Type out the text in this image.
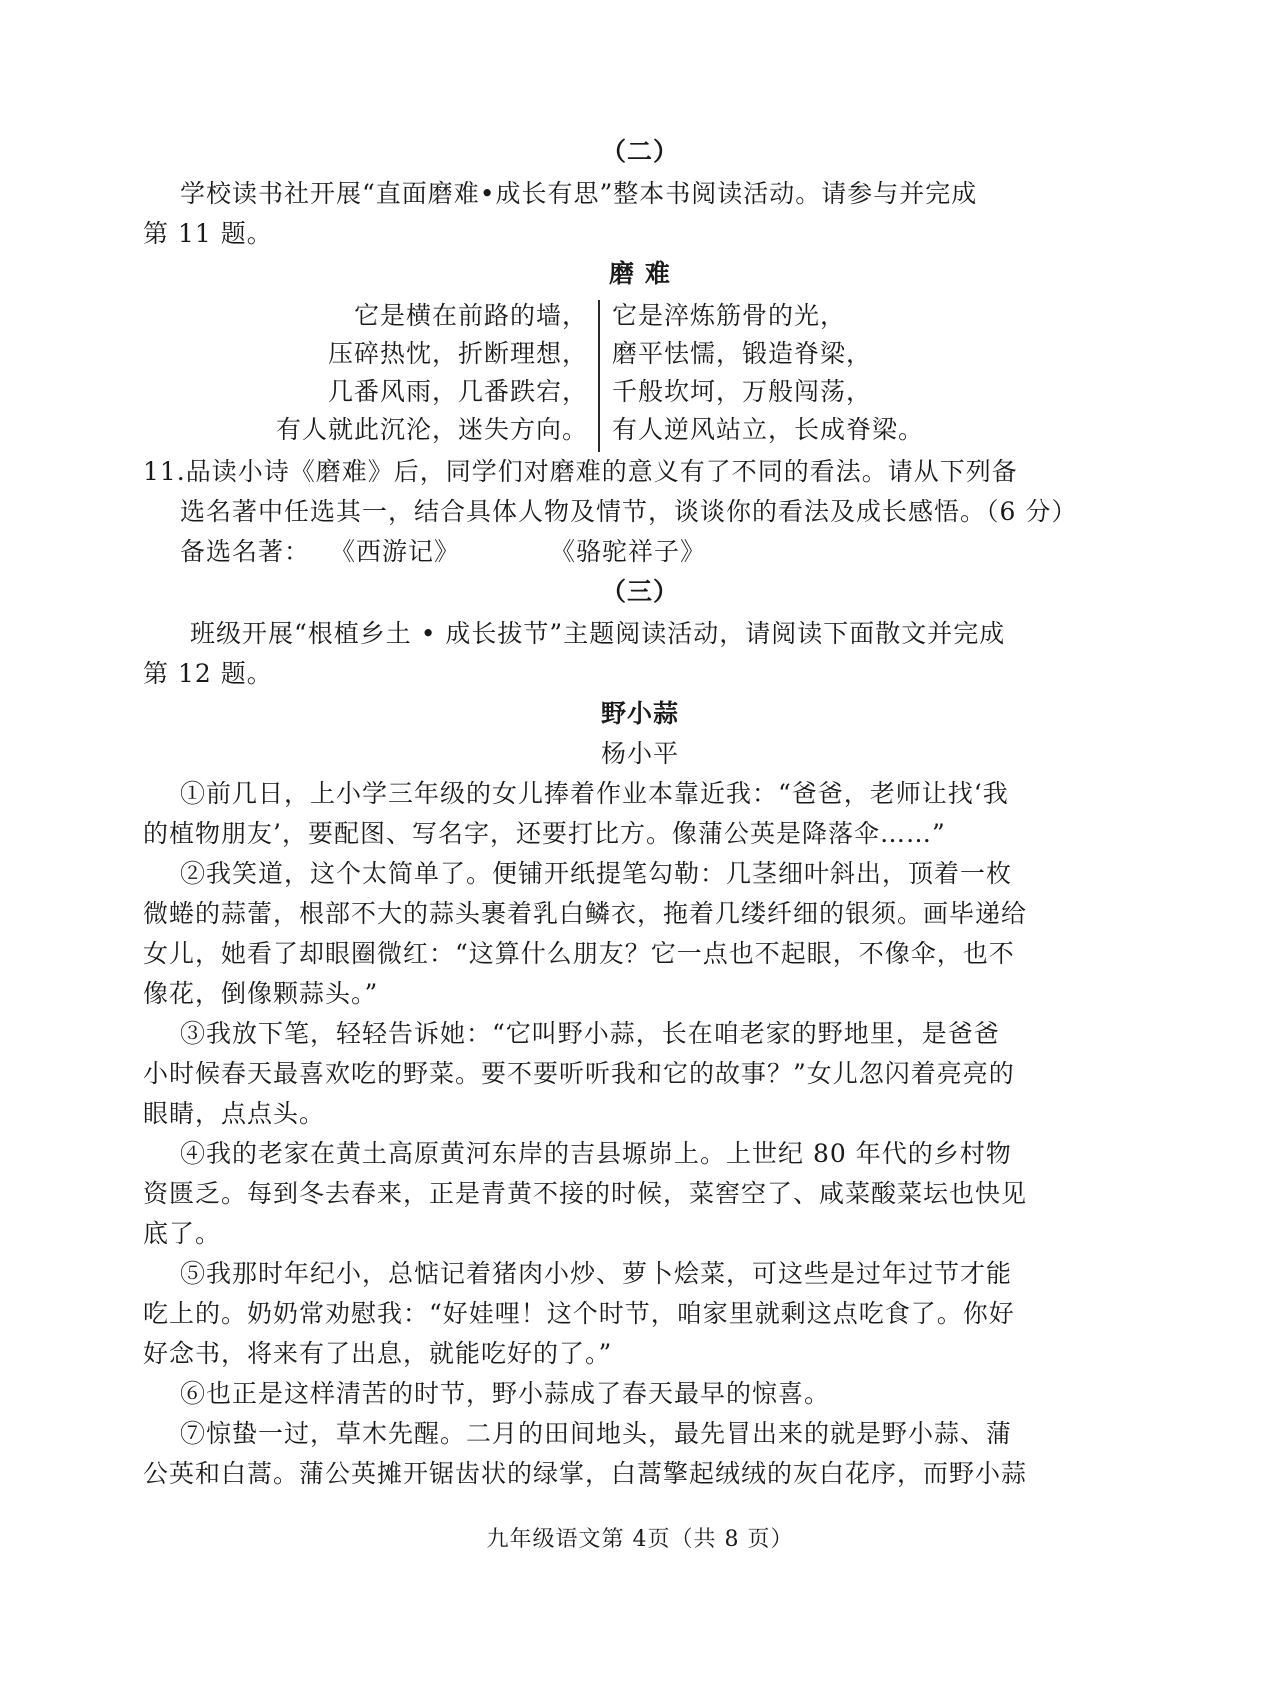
（二）
学校读书社开展“直面磨难•成长有思”整本书阅读活动。请参与并完成
第 11 题。
磨 难
它是横在前路的墙，
压碎热忱，折断理想，
几番风雨，几番跌宕，
有人就此沉沦，迷失方向。
它是淬炼筋骨的光，
磨平怯懦，锻造脊梁，
千般坎坷，万般闯荡，
有人逆风站立，长成脊梁。
11.品读小诗《磨难》后，同学们对磨难的意义有了不同的看法。请从下列备
选名著中任选其一，结合具体人物及情节，谈谈你的看法及成长感悟。（6 分）
备选名著： 《西游记》	《骆驼祥子》
（三）
班级开展“根植乡土 • 成长拔节”主题阅读活动，请阅读下面散文并完成
第 12 题。
野小蒜
杨小平
①前几日，上小学三年级的女儿捧着作业本靠近我：“爸爸，老师让找‘我
的植物朋友’，要配图、写名字，还要打比方。像蒲公英是降落伞……”
②我笑道，这个太简单了。便铺开纸提笔勾勒：几茎细叶斜出，顶着一枚
微蜷的蒜蕾，根部不大的蒜头裹着乳白鳞衣，拖着几缕纤细的银须。画毕递给
女儿，她看了却眼圈微红：“这算什么朋友？它一点也不起眼，不像伞，也不
像花，倒像颗蒜头。”
③我放下笔，轻轻告诉她：“它叫野小蒜，长在咱老家的野地里，是爸爸
小时候春天最喜欢吃的野菜。要不要听听我和它的故事？”女儿忽闪着亮亮的
眼睛，点点头。
④我的老家在黄土高原黄河东岸的吉县塬峁上。上世纪 80 年代的乡村物
资匮乏。每到冬去春来，正是青黄不接的时候，菜窖空了、咸菜酸菜坛也快见
底了。
⑤我那时年纪小，总惦记着猪肉小炒、萝卜烩菜，可这些是过年过节才能
吃上的。奶奶常劝慰我：“好娃哩！这个时节，咱家里就剩这点吃食了。你好
好念书，将来有了出息，就能吃好的了。”
⑥也正是这样清苦的时节，野小蒜成了春天最早的惊喜。
⑦惊蛰一过，草木先醒。二月的田间地头，最先冒出来的就是野小蒜、蒲
公英和白蒿。蒲公英摊开锯齿状的绿掌，白蒿擎起绒绒的灰白花序，而野小蒜
九年级语文第 4页（共 8 页）
